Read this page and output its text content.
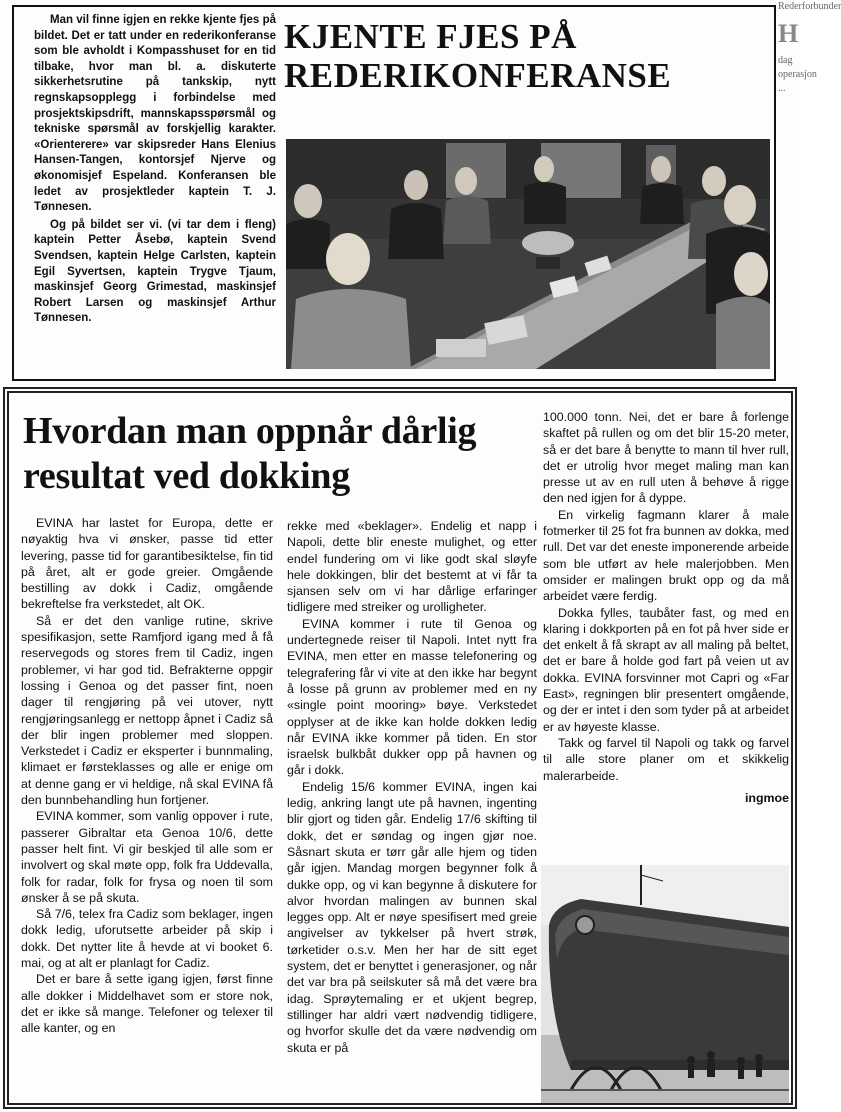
Rederforbunder
H
dag operasjon ...

Man vil finne igjen en rekke kjente fjes på bildet. Det er tatt under en rederikonferanse som ble avholdt i Kompasshuset for en tid tilbake, hvor man bl. a. diskuterte sikkerhetsrutine på tankskip, nytt regnskapsopplegg i forbindelse med prosjektskipsdrift, mannskapsspørsmål og tekniske spørsmål av forskjellig karakter. «Orienterere» var skipsreder Hans Elenius Hansen-Tangen, kontorsjef Njerve og økonomisjef Espeland. Konferansen ble ledet av prosjektleder kaptein T. J. Tønnesen.

Og på bildet ser vi. (vi tar dem i fleng) kaptein Petter Åsebø, kaptein Svend Svendsen, kaptein Helge Carlsten, kaptein Egil Syvertsen, kaptein Trygve Tjaum, maskinsjef Georg Grimestad, maskinsjef Robert Larsen og maskinsjef Arthur Tønnesen.

KJENTE FJES PÅ REDERIKONFERANSE
Hvordan man oppnår dårlig resultat ved dokking

EVINA har lastet for Europa, dette er nøyaktig hva vi ønsker, passe tid etter levering, passe tid for garantibesiktelse, fin tid på året, alt er gode greier. Omgående bestilling av dokk i Cadiz, omgående bekreftelse fra verkstedet, alt OK.

Så er det den vanlige rutine, skrive spesifikasjon, sette Ramfjord igang med å få reservegods og stores frem til Cadiz, ingen problemer, vi har god tid. Befrakterne oppgir lossing i Genoa og det passer fint, noen dager til rengjøring på vei utover, nytt rengjøringsanlegg er nettopp åpnet i Cadiz så der blir ingen problemer med sloppen. Verkstedet i Cadiz er eksperter i bunnmaling, klimaet er førsteklasses og alle er enige om at denne gang er vi heldige, nå skal EVINA få den bunnbehandling hun fortjener.

EVINA kommer, som vanlig oppover i rute, passerer Gibraltar eta Genoa 10/6, dette passer helt fint. Vi gir beskjed til alle som er involvert og skal møte opp, folk fra Uddevalla, folk for radar, folk for frysa og noen til som ønsker å se på skuta.

Så 7/6, telex fra Cadiz som beklager, ingen dokk ledig, uforutsette arbeider på skip i dokk. Det nytter lite å hevde at vi booket 6. mai, og at alt er planlagt for Cadiz.

Det er bare å sette igang igjen, først finne alle dokker i Middelhavet som er store nok, det er ikke så mange. Telefoner og telexer til alle kanter, og en

rekke med «beklager». Endelig et napp i Napoli, dette blir eneste mulighet, og etter endel fundering om vi like godt skal sløyfe hele dokkingen, blir det bestemt at vi får ta sjansen selv om vi har dårlige erfaringer tidligere med streiker og urolligheter.

EVINA kommer i rute til Genoa og undertegnede reiser til Napoli. Intet nytt fra EVINA, men etter en masse telefonering og telegrafering får vi vite at den ikke har begynt å losse på grunn av problemer med en ny «single point mooring» bøye. Verkstedet opplyser at de ikke kan holde dokken ledig når EVINA ikke kommer på tiden. En stor israelsk bulkbåt dukker opp på havnen og går i dokk.

Endelig 15/6 kommer EVINA, ingen kai ledig, ankring langt ute på havnen, ingenting blir gjort og tiden går. Endelig 17/6 skifting til dokk, det er søndag og ingen gjør noe. Såsnart skuta er tørr går alle hjem og tiden går igjen. Mandag morgen begynner folk å dukke opp, og vi kan begynne å diskutere for alvor hvordan malingen av bunnen skal legges opp. Alt er nøye spesifisert med greie angivelser av tykkelser på hvert strøk, tørketider o.s.v. Men her har de sitt eget system, det er benyttet i generasjoner, og når det var bra på seilskuter så må det være bra idag. Sprøytemaling er et ukjent begrep, stillinger har aldri vært nødvendig tidligere, og hvorfor skulle det da være nødvendig om skuta er på

100.000 tonn. Nei, det er bare å forlenge skaftet på rullen og om det blir 15-20 meter, så er det bare å benytte to mann til hver rull, det er utrolig hvor meget maling man kan presse ut av en rull uten å behøve å rigge den ned igjen for å dyppe.

En virkelig fagmann klarer å male fotmerker til 25 fot fra bunnen av dokka, med rull. Det var det eneste imponerende arbeide som ble utført av hele malerjobben. Men omsider er malingen brukt opp og da må arbeidet være ferdig.

Dokka fylles, taubåter fast, og med en klaring i dokkporten på en fot på hver side er det enkelt å få skrapt av all maling på beltet, det er bare å holde god fart på veien ut av dokka. EVINA forsvinner mot Capri og «Far East», regningen blir presentert omgående, og der er intet i den som tyder på at arbeidet er av høyeste klasse.

Takk og farvel til Napoli og takk og farvel til alle store planer om et skikkelig malerarbeide.

ingmoe
